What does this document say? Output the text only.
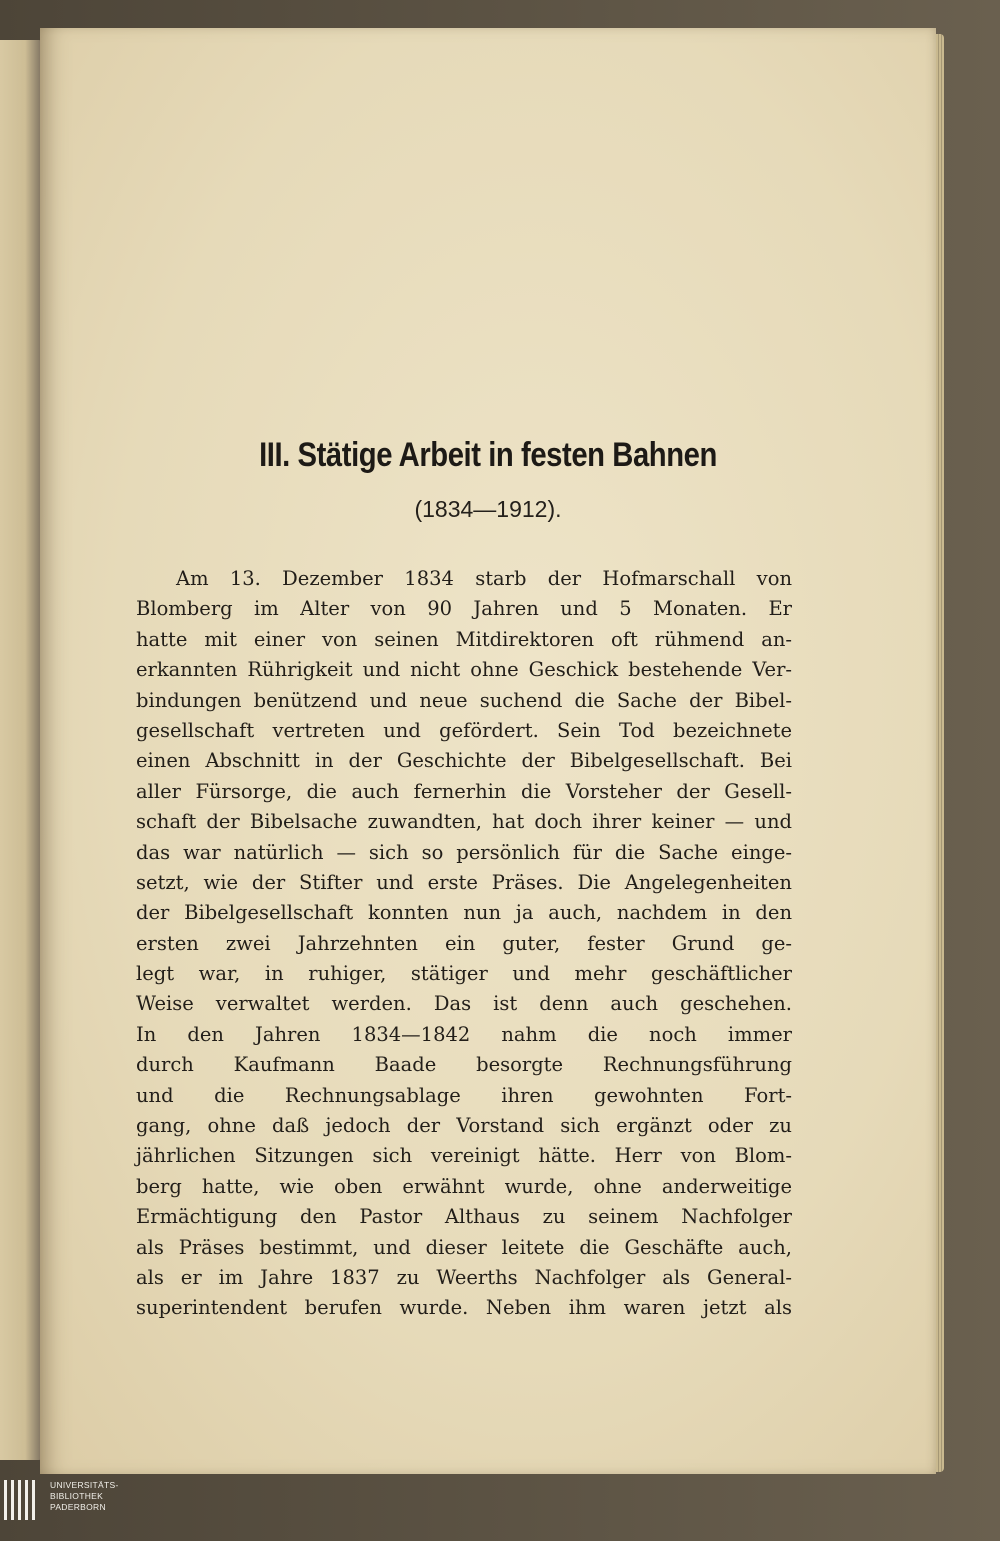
III. Stätige Arbeit in festen Bahnen
(1834—1912).
Am 13. Dezember 1834 starb der Hofmarschall von
Blomberg im Alter von 90 Jahren und 5 Monaten. Er
hatte mit einer von seinen Mitdirektoren oft rühmend an-
erkannten Rührigkeit und nicht ohne Geschick bestehende Ver-
bindungen benützend und neue suchend die Sache der Bibel-
gesellschaft vertreten und gefördert. Sein Tod bezeichnete
einen Abschnitt in der Geschichte der Bibelgesellschaft. Bei
aller Fürsorge, die auch fernerhin die Vorsteher der Gesell-
schaft der Bibelsache zuwandten, hat doch ihrer keiner — und
das war natürlich — sich so persönlich für die Sache einge-
setzt, wie der Stifter und erste Präses. Die Angelegenheiten
der Bibelgesellschaft konnten nun ja auch, nachdem in den
ersten zwei Jahrzehnten ein guter, fester Grund ge-
legt war, in ruhiger, stätiger und mehr geschäftlicher
Weise verwaltet werden. Das ist denn auch geschehen.
In den Jahren 1834—1842 nahm die noch immer
durch Kaufmann Baade besorgte Rechnungsführung
und die Rechnungsablage ihren gewohnten Fort-
gang, ohne daß jedoch der Vorstand sich ergänzt oder zu
jährlichen Sitzungen sich vereinigt hätte. Herr von Blom-
berg hatte, wie oben erwähnt wurde, ohne anderweitige
Ermächtigung den Pastor Althaus zu seinem Nachfolger
als Präses bestimmt, und dieser leitete die Geschäfte auch,
als er im Jahre 1837 zu Weerths Nachfolger als General-
superintendent berufen wurde. Neben ihm waren jetzt als
UNIVERSITÄTS-
BIBLIOTHEK
PADERBORN
